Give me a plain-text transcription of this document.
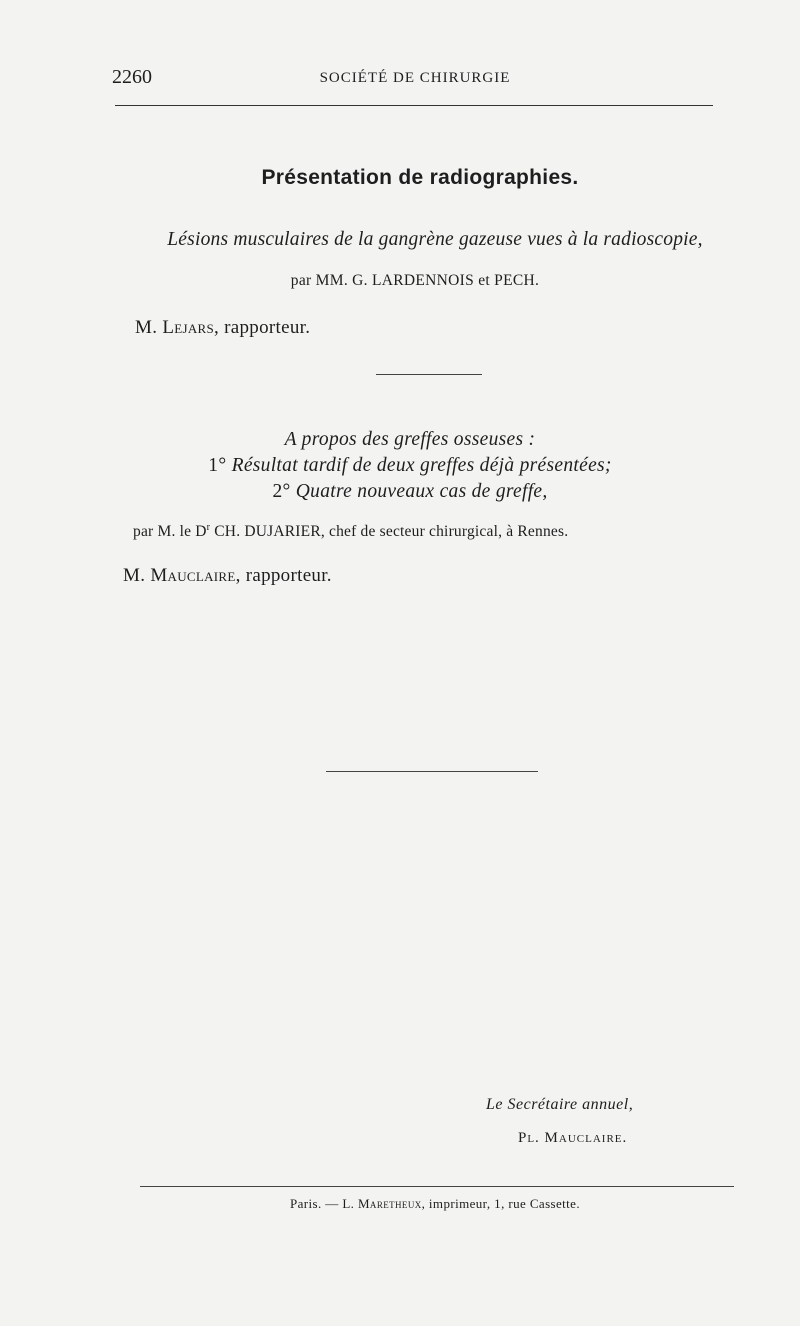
2260	SOCIÉTÉ DE CHIRURGIE
Présentation de radiographies.
Lésions musculaires de la gangrène gazeuse vues à la radioscopie,
par MM. G. LARDENNOIS et PECH.
M. Lejars, rapporteur.
A propos des greffes osseuses :
1° Résultat tardif de deux greffes déjà présentées;
2° Quatre nouveaux cas de greffe,
par M. le $D^r$ CH. DUJARIER, chef de secteur chirurgical, à Rennes.
M. Mauclaire, rapporteur.
Le Secrétaire annuel,
Pl. Mauclaire.
Paris. — L. Maretheux, imprimeur, 1, rue Cassette.
